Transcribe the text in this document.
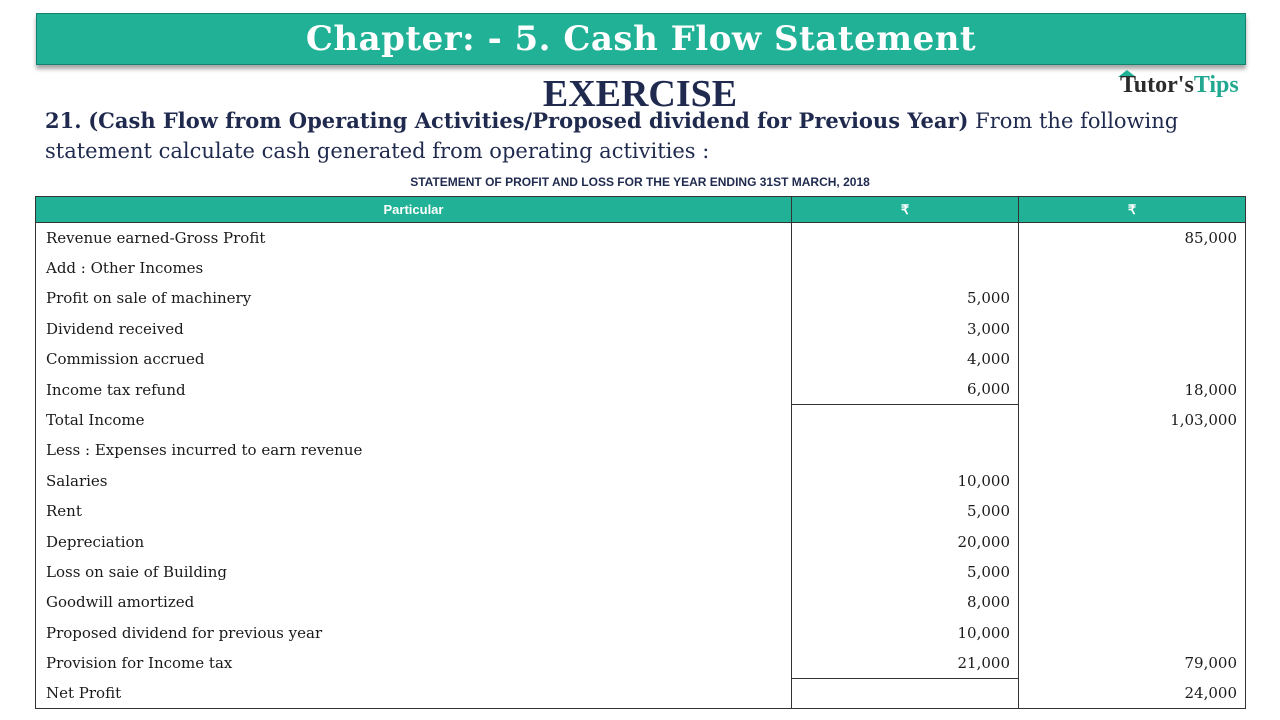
Chapter: - 5. Cash Flow Statement
EXERCISE	Tutor'sTips
21. (Cash Flow from Operating Activities/Proposed dividend for Previous Year) From the following statement calculate cash generated from operating activities :
STATEMENT OF PROFIT AND LOSS FOR THE YEAR ENDING 31ST MARCH, 2018
Particular	₹	₹
Revenue earned-Gross Profit		85,000
Add : Other Incomes		
Profit on sale of machinery	5,000	
Dividend received	3,000	
Commission accrued	4,000	
Income tax refund	6,000	18,000
Total Income		1,03,000
Less : Expenses incurred to earn revenue		
Salaries	10,000	
Rent	5,000	
Depreciation	20,000	
Loss on saie of Building	5,000	
Goodwill amortized	8,000	
Proposed dividend for previous year	10,000	
Provision for Income tax	21,000	79,000
Net Profit		24,000
